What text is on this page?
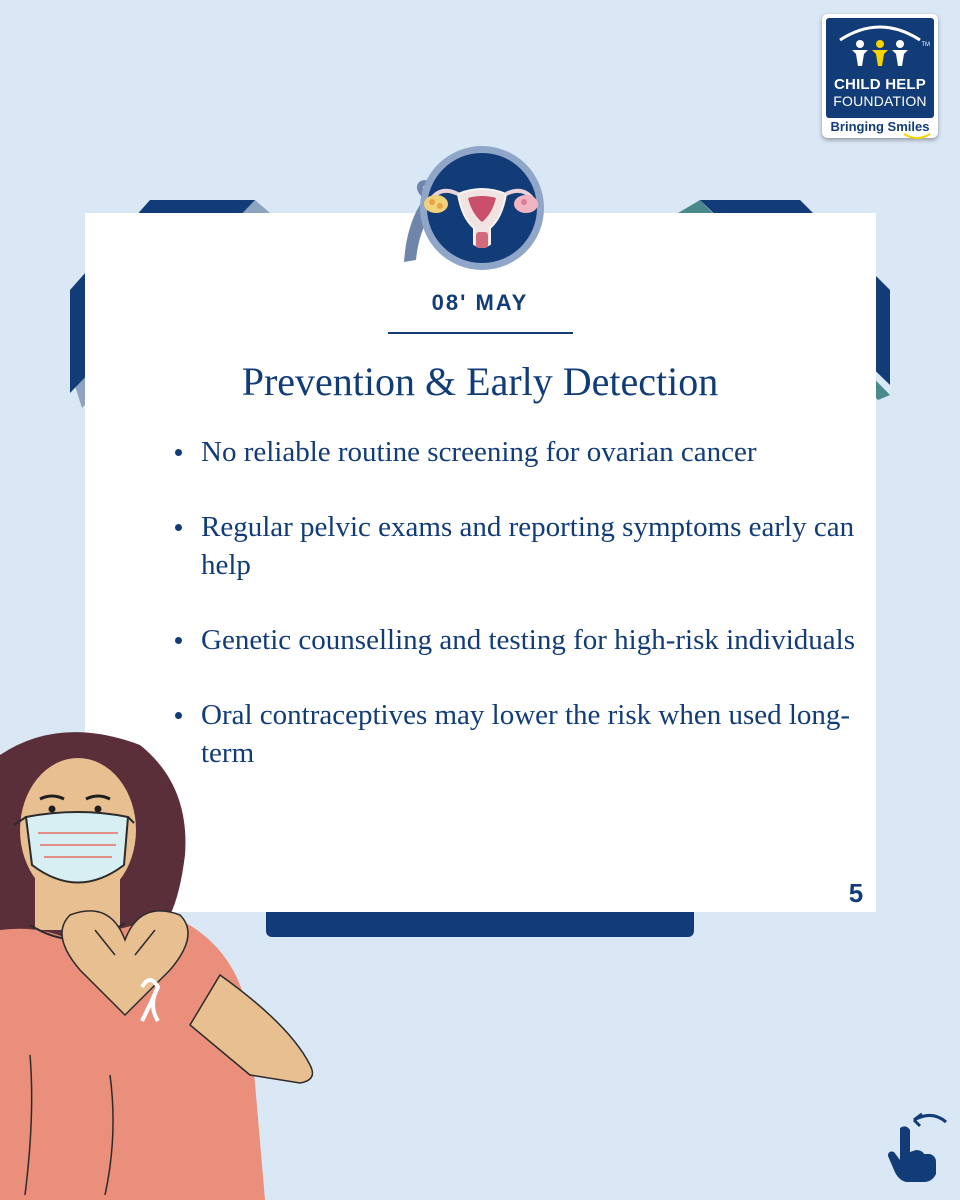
08' MAY
Prevention & Early Detection
No reliable routine screening for ovarian cancer
Regular pelvic exams and reporting symptoms early can help
Genetic counselling and testing for high-risk individuals
Oral contraceptives may lower the risk when used long-term
5
TM
CHILD HELP
FOUNDATION
Bringing Smiles
